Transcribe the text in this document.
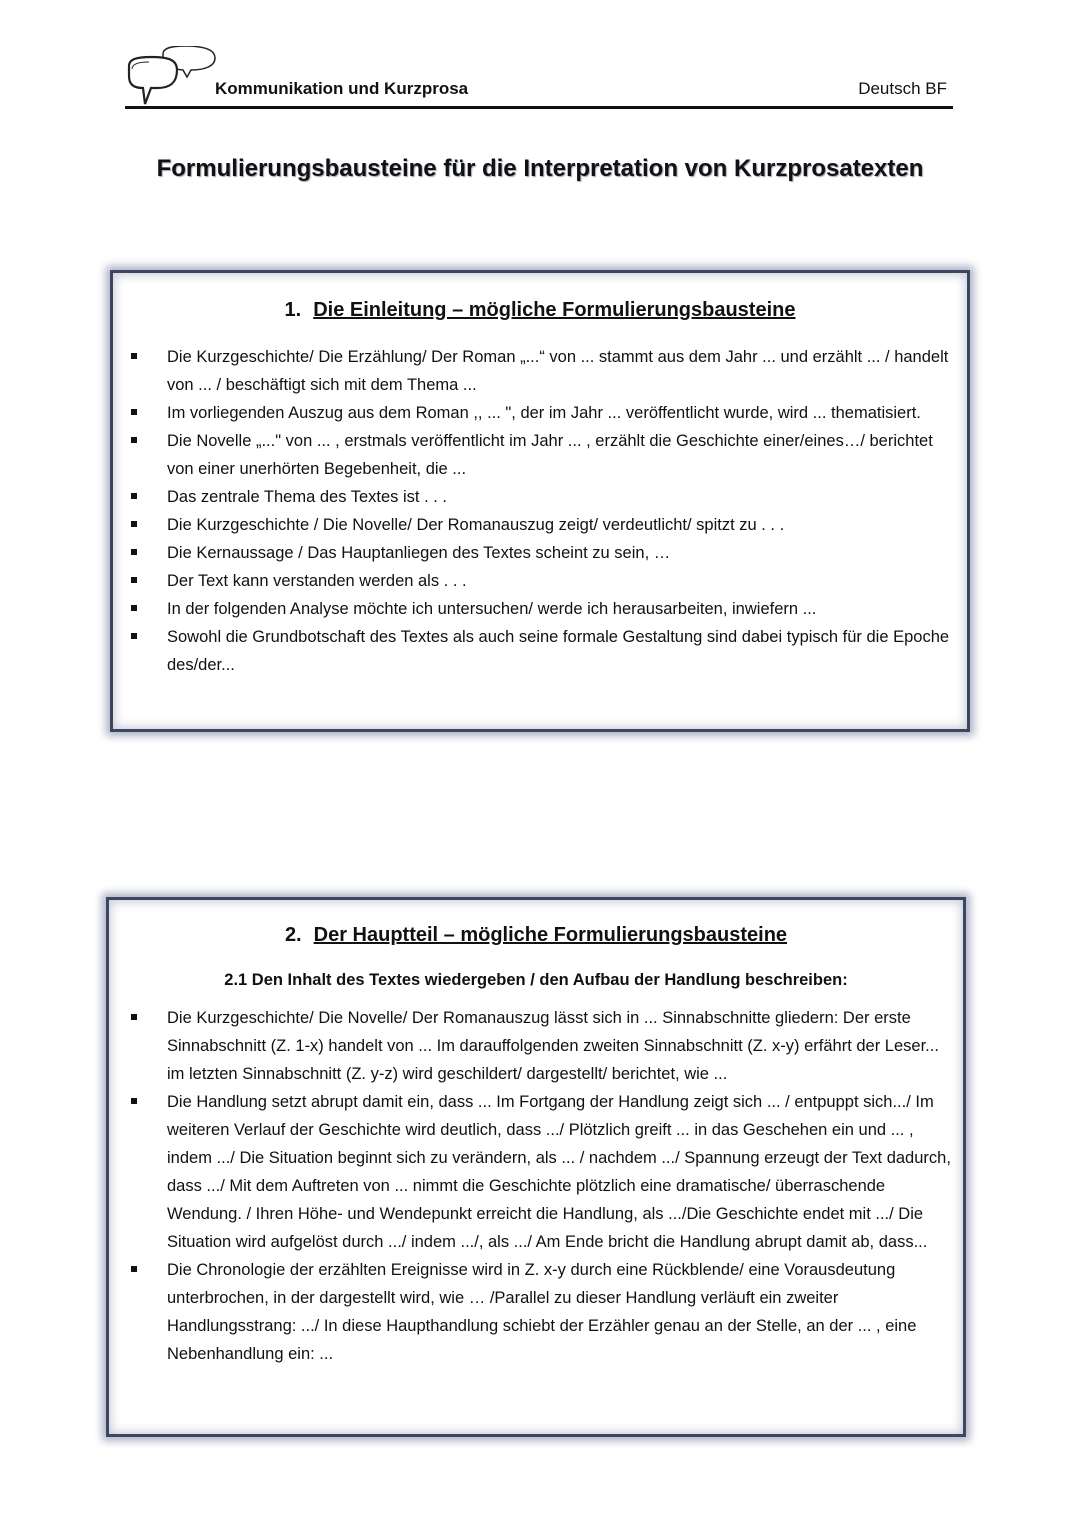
Kommunikation und Kurzprosa	Deutsch BF
Formulierungsbausteine für die Interpretation von Kurzprosatexten
1. Die Einleitung – mögliche Formulierungsbausteine
Die Kurzgeschichte/ Die Erzählung/ Der Roman „...“ von ... stammt aus dem Jahr ... und erzählt ... / handelt von ... / beschäftigt sich mit dem Thema ...
Im vorliegenden Auszug aus dem Roman ,, ... ", der im Jahr ... veröffentlicht wurde, wird ... thematisiert.
Die Novelle „..." von ... , erstmals veröffentlicht im Jahr ... , erzählt die Geschichte einer/eines…/ berichtet von einer unerhörten Begebenheit, die ...
Das zentrale Thema des Textes ist . . .
Die Kurzgeschichte / Die Novelle/ Der Romanauszug zeigt/ verdeutlicht/ spitzt zu . . .
Die Kernaussage / Das Hauptanliegen des Textes scheint zu sein, …
Der Text kann verstanden werden als . . .
In der folgenden Analyse möchte ich untersuchen/ werde ich herausarbeiten, inwiefern ...
Sowohl die Grundbotschaft des Textes als auch seine formale Gestaltung sind dabei typisch für die Epoche des/der...
2. Der Hauptteil – mögliche Formulierungsbausteine
2.1 Den Inhalt des Textes wiedergeben / den Aufbau der Handlung beschreiben:
Die Kurzgeschichte/ Die Novelle/ Der Romanauszug lässt sich in ... Sinnabschnitte gliedern: Der erste Sinnabschnitt (Z. 1-x) handelt von ... Im darauffolgenden zweiten Sinnabschnitt (Z. x-y) erfährt der Leser... im letzten Sinnabschnitt (Z. y-z) wird geschildert/ dargestellt/ berichtet, wie ...
Die Handlung setzt abrupt damit ein, dass ... Im Fortgang der Handlung zeigt sich ... / entpuppt sich.../ Im weiteren Verlauf der Geschichte wird deutlich, dass .../ Plötzlich greift ... in das Geschehen ein und ... , indem .../ Die Situation beginnt sich zu verändern, als ... / nachdem .../ Spannung erzeugt der Text dadurch, dass .../ Mit dem Auftreten von ... nimmt die Geschichte plötzlich eine dramatische/ überraschende Wendung. / Ihren Höhe- und Wendepunkt erreicht die Handlung, als .../Die Geschichte endet mit .../ Die Situation wird aufgelöst durch .../ indem .../, als .../ Am Ende bricht die Handlung abrupt damit ab, dass...
Die Chronologie der erzählten Ereignisse wird in Z. x-y durch eine Rückblende/ eine Vorausdeutung unterbrochen, in der dargestellt wird, wie … /Parallel zu dieser Handlung verläuft ein zweiter Handlungsstrang: .../ In diese Haupthandlung schiebt der Erzähler genau an der Stelle, an der ... , eine Nebenhandlung ein: ...
